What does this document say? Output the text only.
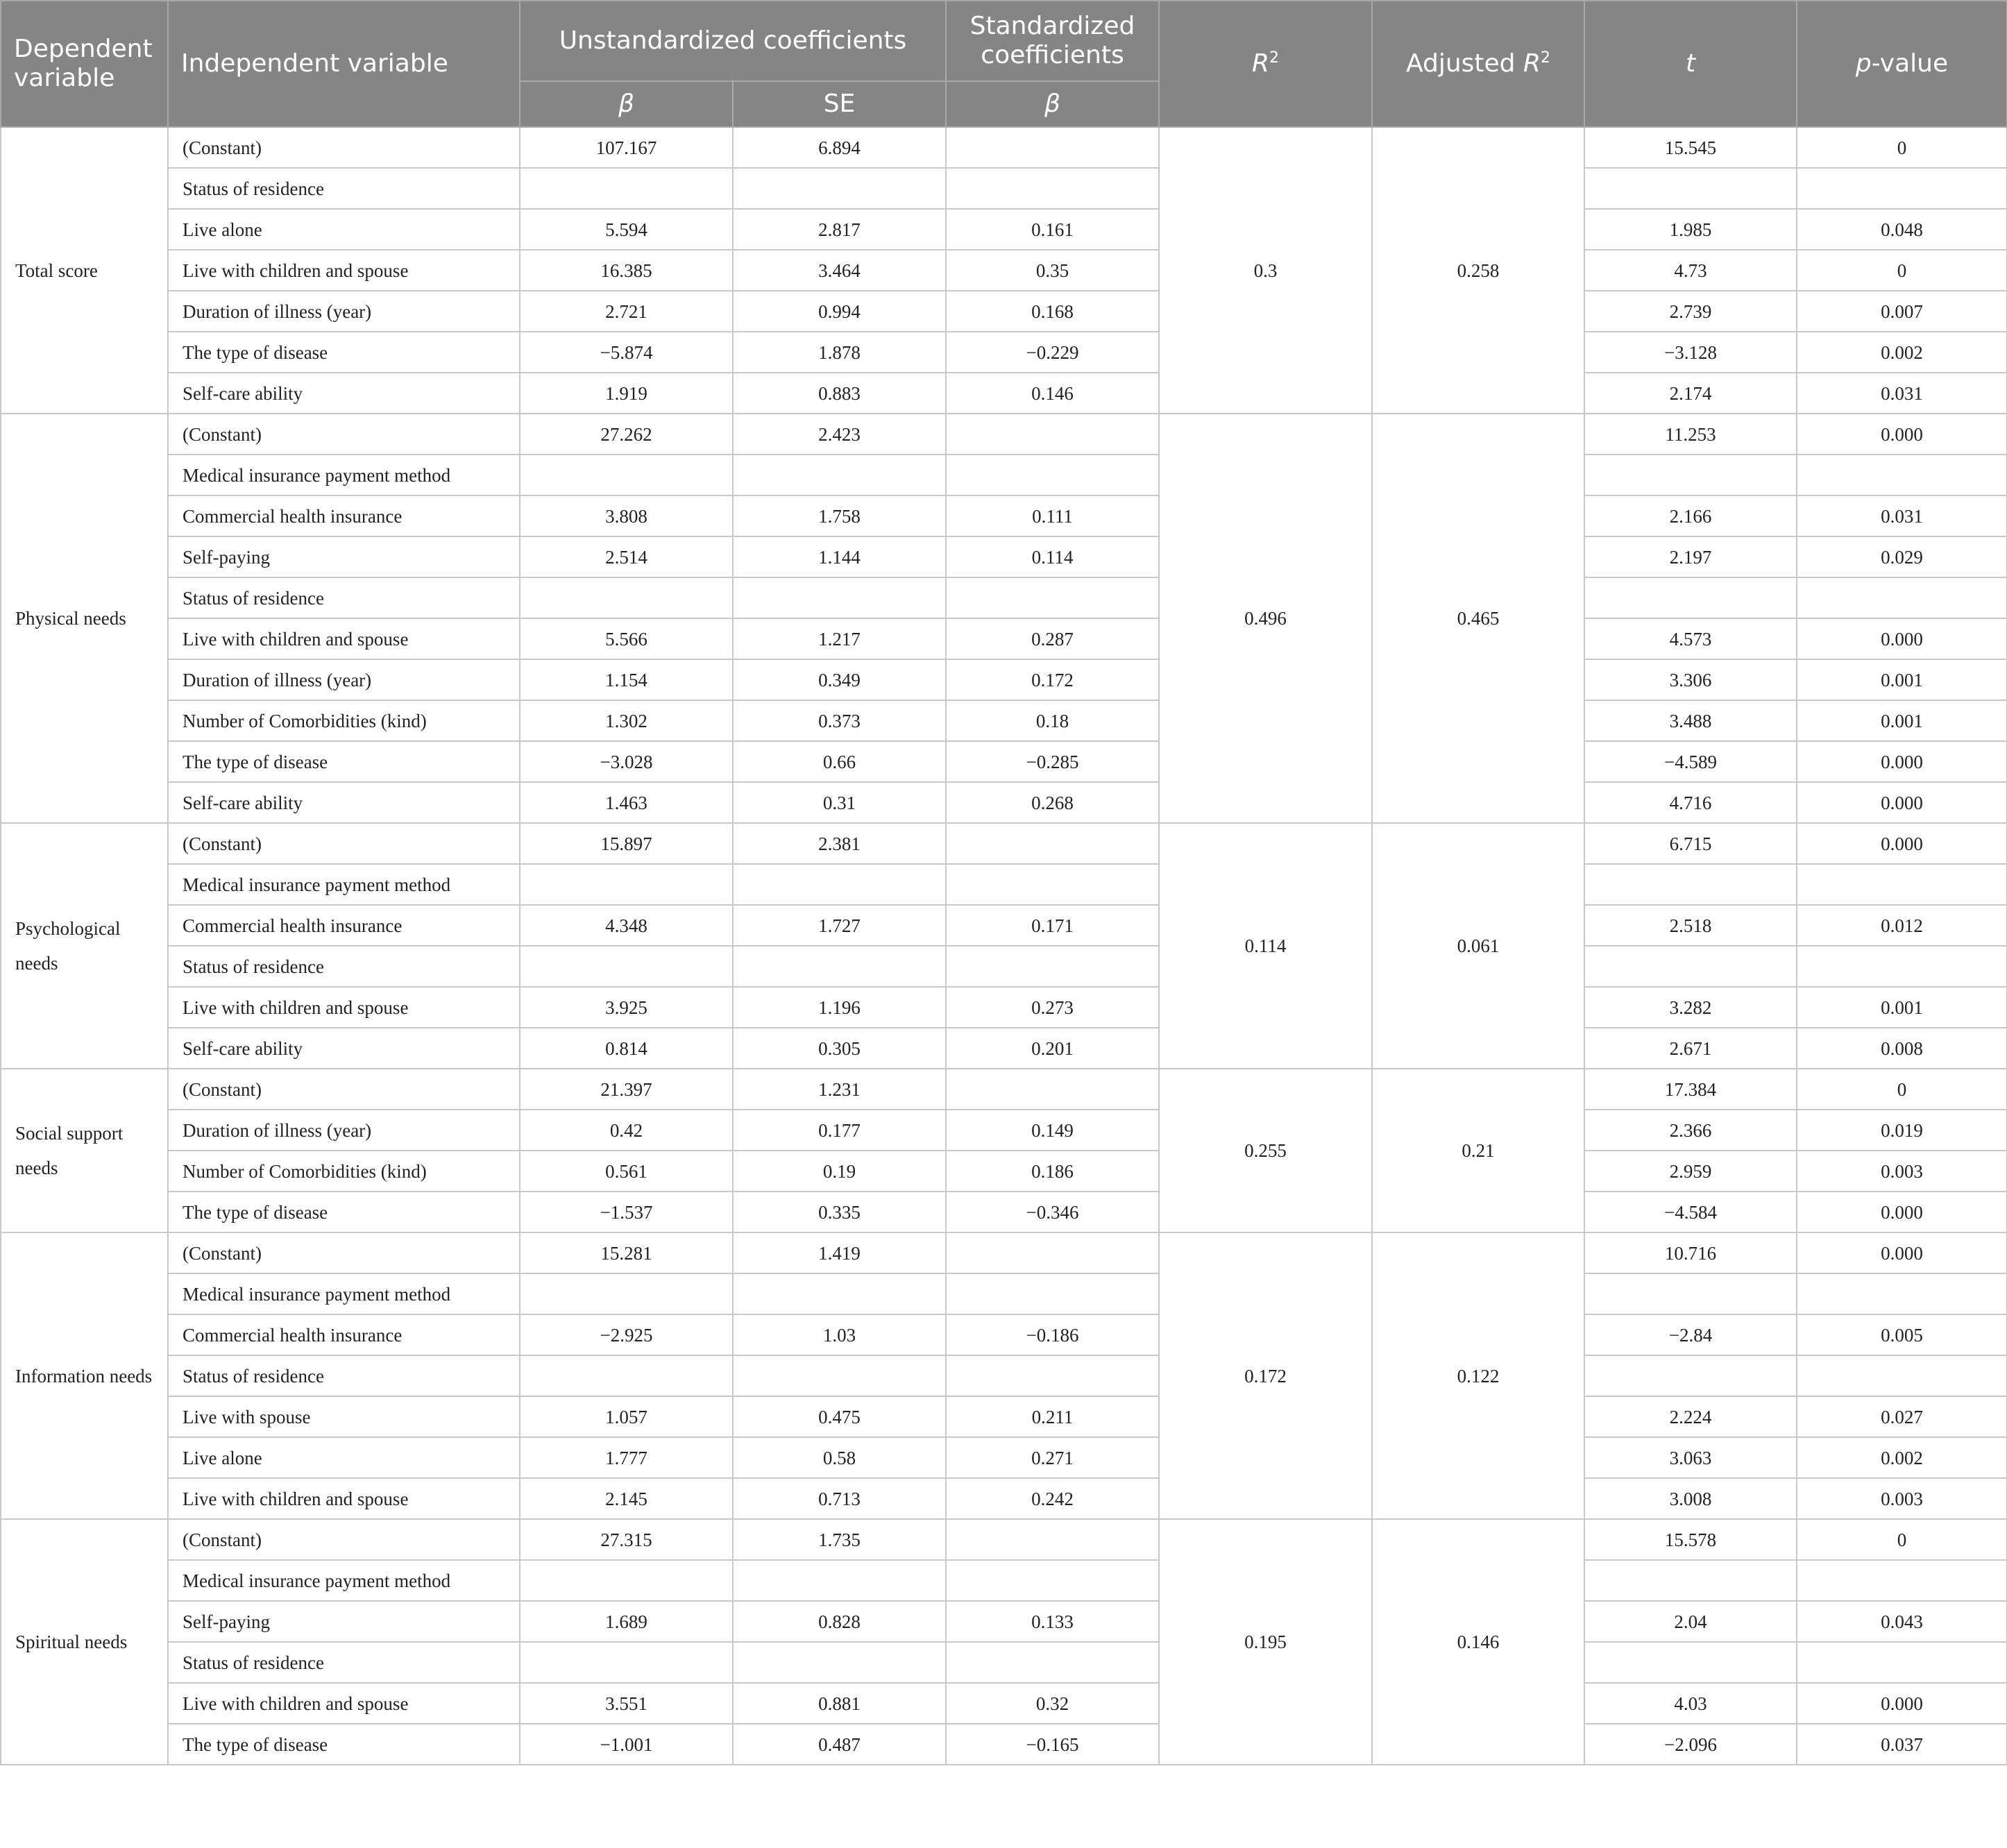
Dependent variable	Independent variable	Unstandardized coefficients		Standardized coefficients	$R^2$	Adjusted $R^2$	t	p-value
		β	SE	β				
Total score	(Constant)	107.167	6.894		0.3	0.258	15.545	0
	Status of residence							
	Live alone	5.594	2.817	0.161			1.985	0.048
	Live with children and spouse	16.385	3.464	0.35			4.73	0
	Duration of illness (year)	2.721	0.994	0.168			2.739	0.007
	The type of disease	−5.874	1.878	−0.229			−3.128	0.002
	Self-care ability	1.919	0.883	0.146			2.174	0.031
Physical needs	(Constant)	27.262	2.423		0.496	0.465	11.253	0.000
	Medical insurance payment method							
	Commercial health insurance	3.808	1.758	0.111			2.166	0.031
	Self-paying	2.514	1.144	0.114			2.197	0.029
	Status of residence							
	Live with children and spouse	5.566	1.217	0.287			4.573	0.000
	Duration of illness (year)	1.154	0.349	0.172			3.306	0.001
	Number of Comorbidities (kind)	1.302	0.373	0.18			3.488	0.001
	The type of disease	−3.028	0.66	−0.285			−4.589	0.000
	Self-care ability	1.463	0.31	0.268			4.716	0.000
Psychological needs	(Constant)	15.897	2.381		0.114	0.061	6.715	0.000
	Medical insurance payment method							
	Commercial health insurance	4.348	1.727	0.171			2.518	0.012
	Status of residence							
	Live with children and spouse	3.925	1.196	0.273			3.282	0.001
	Self-care ability	0.814	0.305	0.201			2.671	0.008
Social support needs	(Constant)	21.397	1.231		0.255	0.21	17.384	0
	Duration of illness (year)	0.42	0.177	0.149			2.366	0.019
	Number of Comorbidities (kind)	0.561	0.19	0.186			2.959	0.003
	The type of disease	−1.537	0.335	−0.346			−4.584	0.000
Information needs	(Constant)	15.281	1.419		0.172	0.122	10.716	0.000
	Medical insurance payment method							
	Commercial health insurance	−2.925	1.03	−0.186			−2.84	0.005
	Status of residence							
	Live with spouse	1.057	0.475	0.211			2.224	0.027
	Live alone	1.777	0.58	0.271			3.063	0.002
	Live with children and spouse	2.145	0.713	0.242			3.008	0.003
Spiritual needs	(Constant)	27.315	1.735		0.195	0.146	15.578	0
	Medical insurance payment method							
	Self-paying	1.689	0.828	0.133			2.04	0.043
	Status of residence							
	Live with children and spouse	3.551	0.881	0.32			4.03	0.000
	The type of disease	−1.001	0.487	−0.165			−2.096	0.037
